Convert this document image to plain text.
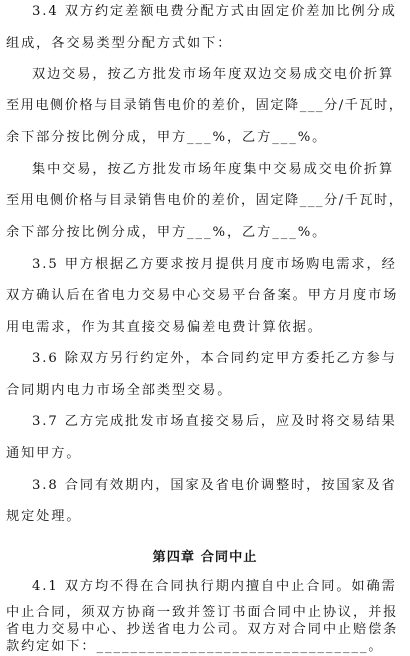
3.4 双方约定差额电费分配方式由固定价差加比例分成
组成，各交易类型分配方式如下：
双边交易，按乙方批发市场年度双边交易成交电价折算
至用电侧价格与目录销售电价的差价，固定降___分/千瓦时，
余下部分按比例分成，甲方___%，乙方___%。
集中交易，按乙方批发市场年度集中交易成交电价折算
至用电侧价格与目录销售电价的差价，固定降___分/千瓦时，
余下部分按比例分成，甲方___%，乙方___%。
3.5 甲方根据乙方要求按月提供月度市场购电需求，经
双方确认后在省电力交易中心交易平台备案。甲方月度市场
用电需求，作为其直接交易偏差电费计算依据。
3.6 除双方另行约定外，本合同约定甲方委托乙方参与
合同期内电力市场全部类型交易。
3.7 乙方完成批发市场直接交易后，应及时将交易结果
通知甲方。
3.8 合同有效期内，国家及省电价调整时，按国家及省
规定处理。
第四章 合同中止
4.1 双方均不得在合同执行期内擅自中止合同。如确需
中止合同，须双方协商一致并签订书面合同中止协议，并报
省电力交易中心、抄送省电力公司。双方对合同中止赔偿条
款约定如下：________________________________。
